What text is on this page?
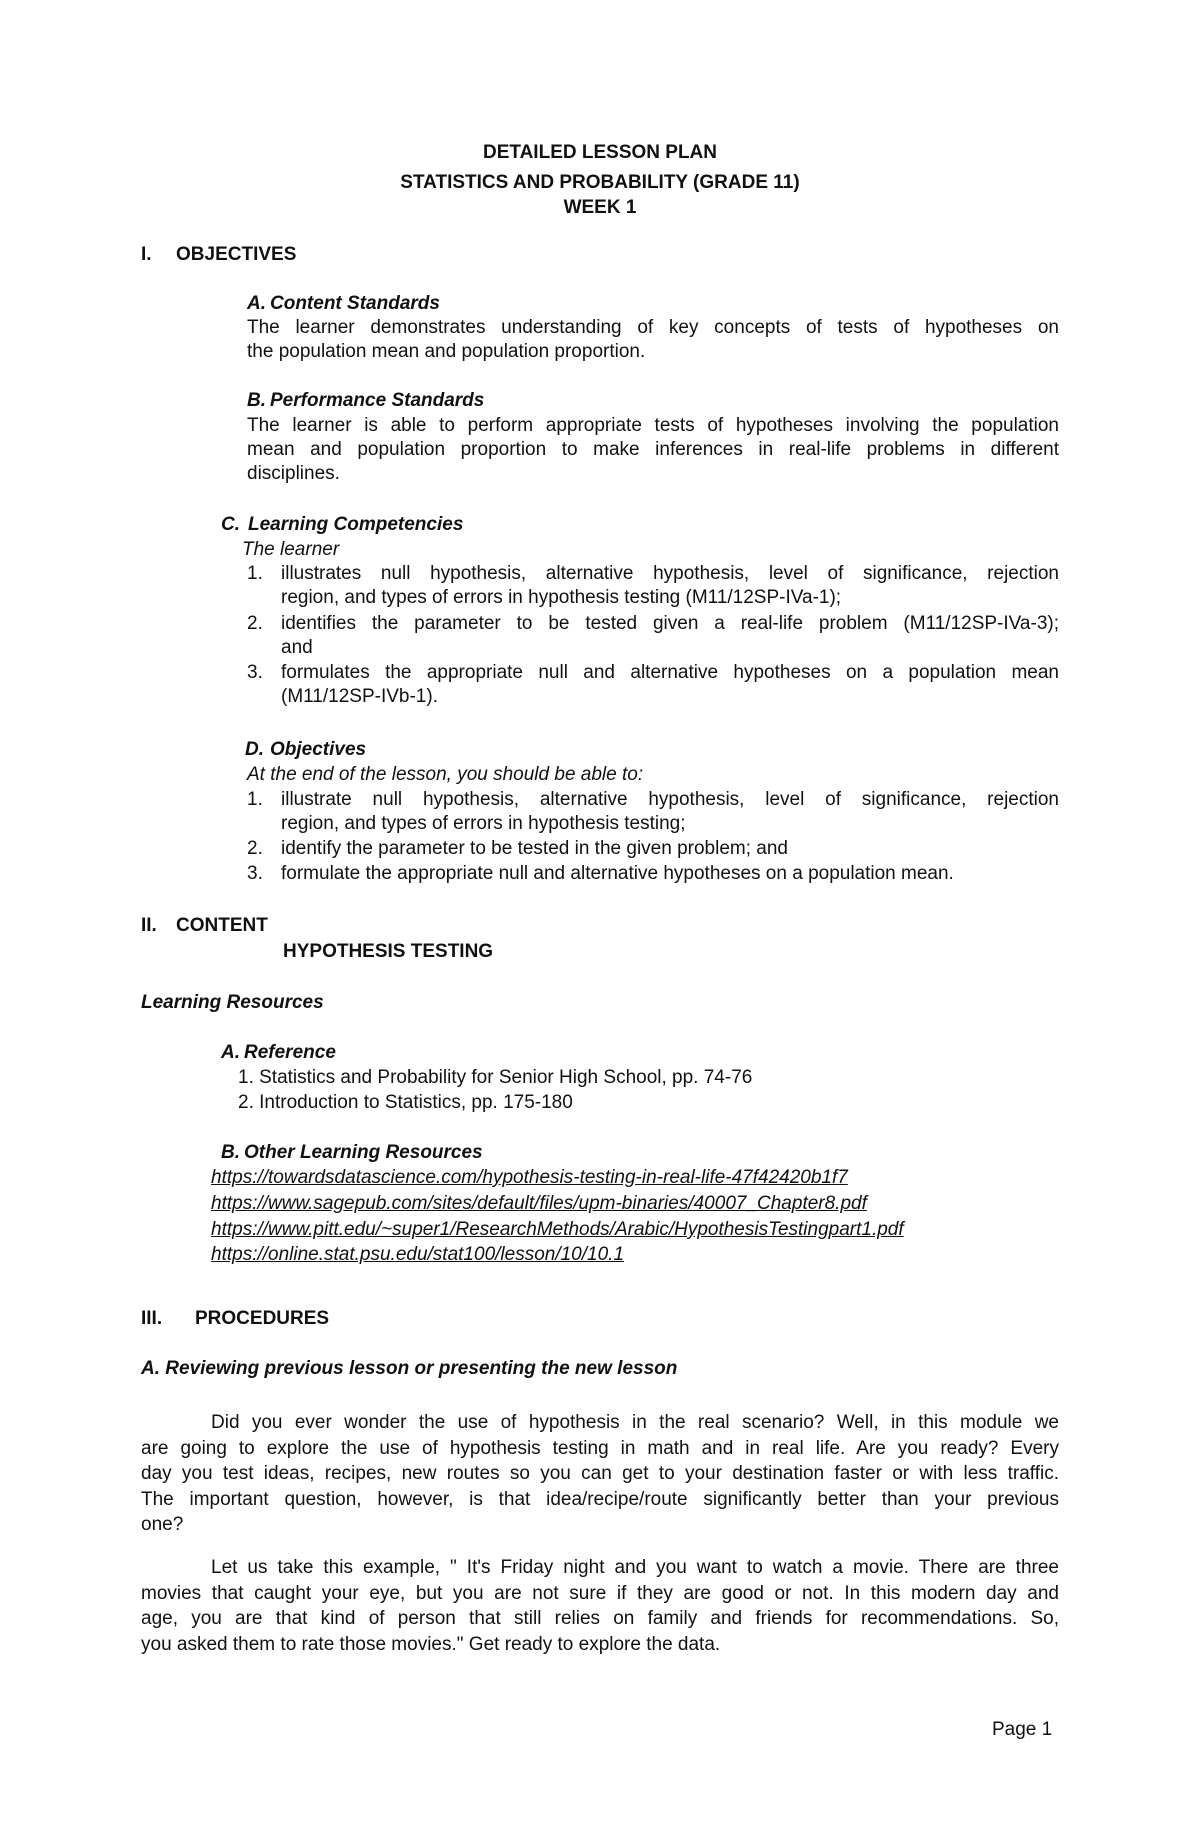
DETAILED LESSON PLAN
STATISTICS AND PROBABILITY (GRADE 11)
WEEK 1
I. OBJECTIVES
A. Content Standards
The learner demonstrates understanding of key concepts of tests of hypotheses on
the population mean and population proportion.
B. Performance Standards
The learner is able to perform appropriate tests of hypotheses involving the population
mean and population proportion to make inferences in real-life problems in different
disciplines.
C. Learning Competencies
The learner
1. illustrates null hypothesis, alternative hypothesis, level of significance, rejection
region, and types of errors in hypothesis testing (M11/12SP-IVa-1);
2. identifies the parameter to be tested given a real-life problem (M11/12SP-IVa-3);
and
3. formulates the appropriate null and alternative hypotheses on a population mean
(M11/12SP-IVb-1).
D. Objectives
At the end of the lesson, you should be able to:
1. illustrate null hypothesis, alternative hypothesis, level of significance, rejection
region, and types of errors in hypothesis testing;
2. identify the parameter to be tested in the given problem; and
3. formulate the appropriate null and alternative hypotheses on a population mean.
II. CONTENT
HYPOTHESIS TESTING
Learning Resources
A. Reference
1. Statistics and Probability for Senior High School, pp. 74-76
2. Introduction to Statistics, pp. 175-180
B. Other Learning Resources
https://towardsdatascience.com/hypothesis-testing-in-real-life-47f42420b1f7
https://www.sagepub.com/sites/default/files/upm-binaries/40007_Chapter8.pdf
https://www.pitt.edu/~super1/ResearchMethods/Arabic/HypothesisTestingpart1.pdf
https://online.stat.psu.edu/stat100/lesson/10/10.1
III. PROCEDURES
A. Reviewing previous lesson or presenting the new lesson
Did you ever wonder the use of hypothesis in the real scenario? Well, in this module we
are going to explore the use of hypothesis testing in math and in real life. Are you ready? Every
day you test ideas, recipes, new routes so you can get to your destination faster or with less traffic.
The important question, however, is that idea/recipe/route significantly better than your previous
one?
Let us take this example, " It's Friday night and you want to watch a movie. There are three
movies that caught your eye, but you are not sure if they are good or not. In this modern day and
age, you are that kind of person that still relies on family and friends for recommendations. So,
you asked them to rate those movies." Get ready to explore the data.
Page 1
